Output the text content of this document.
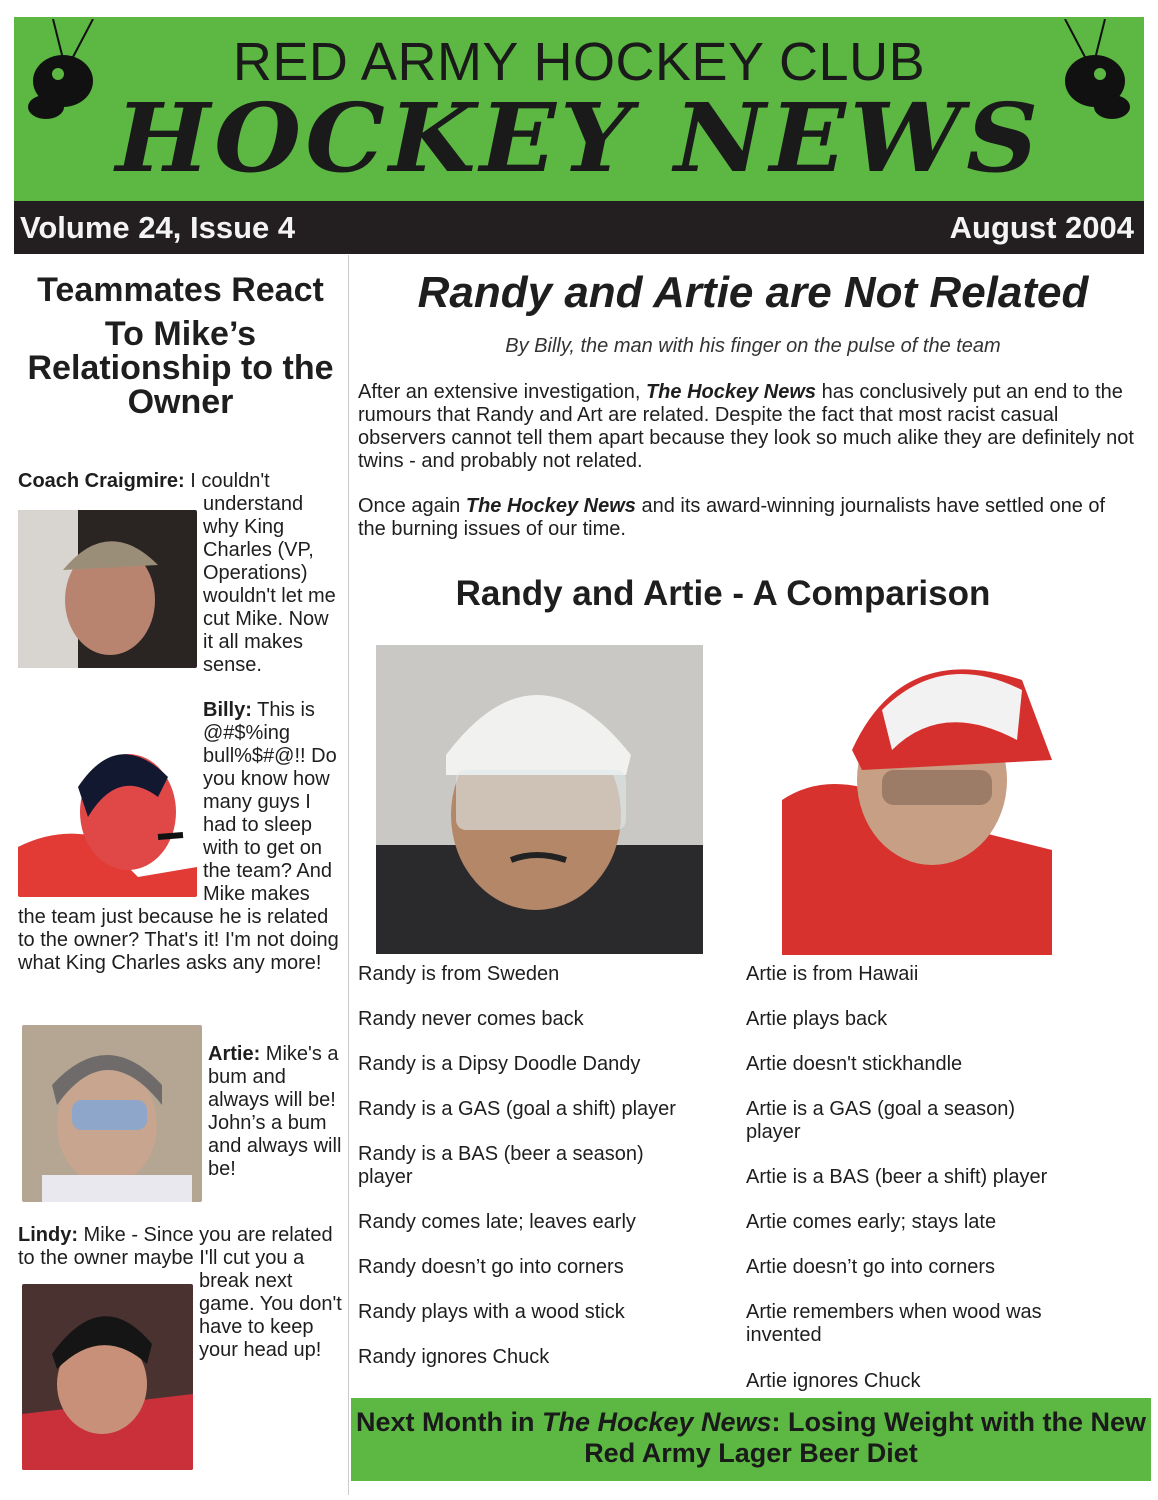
RED ARMY HOCKEY CLUB
HOCKEY NEWS
Volume 24, Issue 4	August 2004
Teammates React
To Mike’s Relationship to the Owner
Coach Craigmire: I couldn't understand why King Charles (VP, Operations) wouldn't let me cut Mike. Now it all makes sense.
Billy: This is @#$%ing bull%$#@!! Do you know how many guys I had to sleep with to get on the team? And Mike makes the team just because he is related to the owner? That's it! I'm not doing what King Charles asks any more!
Artie: Mike's a bum and always will be! John’s a bum and always will be!
Lindy: Mike - Since you are related to the owner maybe I'll cut you a break next game. You don't have to keep your head up!
Randy and Artie are Not Related
By Billy, the man with his finger on the pulse of the team
After an extensive investigation, The Hockey News has conclusively put an end to the rumours that Randy and Art are related. Despite the fact that most racist casual observers cannot tell them apart because they look so much alike they are definitely not twins - and probably not related.
Once again The Hockey News and its award-winning journalists have settled one of the burning issues of our time.
Randy and Artie - A Comparison
Randy is from Sweden
Randy never comes back
Randy is a Dipsy Doodle Dandy
Randy is a GAS (goal a shift) player
Randy is a BAS (beer a season) player
Randy comes late; leaves early
Randy doesn’t go into corners
Randy plays with a wood stick
Randy ignores Chuck
Artie is from Hawaii
Artie plays back
Artie doesn't stickhandle
Artie is a GAS (goal a season) player
Artie is a BAS (beer a shift) player
Artie comes early; stays late
Artie doesn’t go into corners
Artie remembers when wood was invented
Artie ignores Chuck
Next Month in The Hockey News: Losing Weight with the New Red Army Lager Beer Diet
